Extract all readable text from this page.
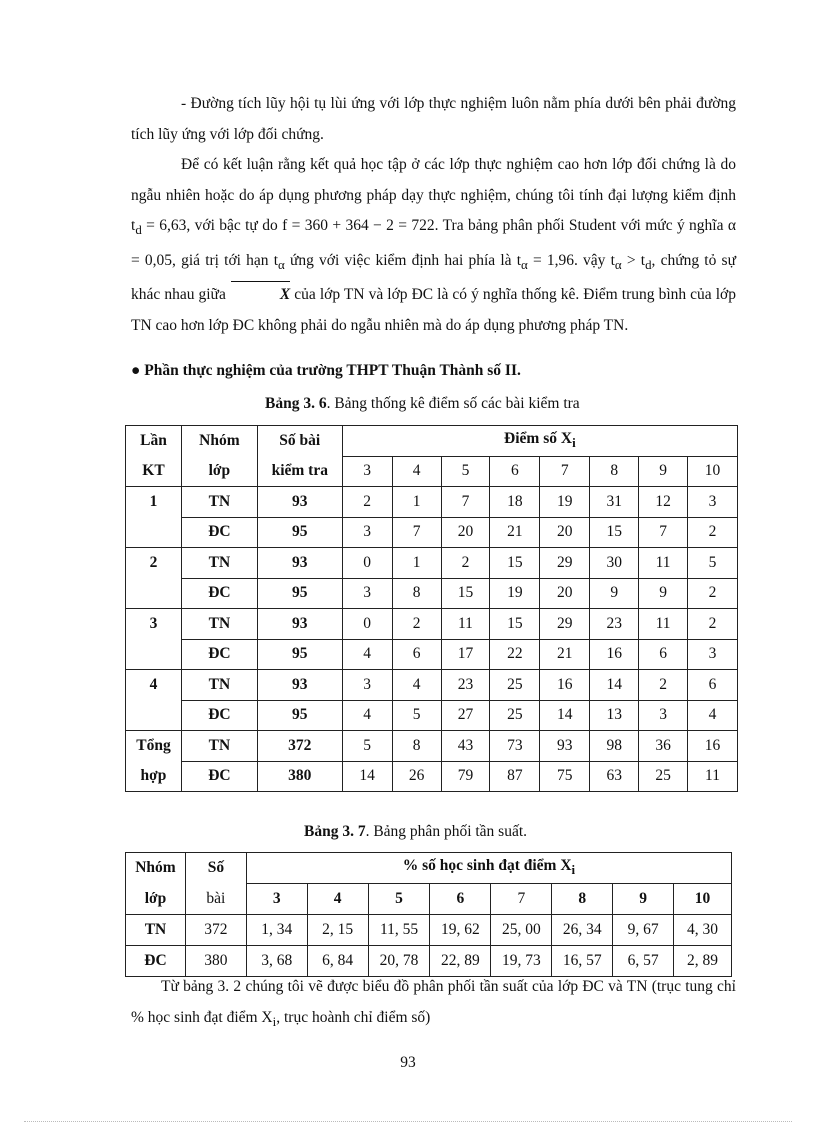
- Đường tích lũy hội tụ lùi ứng với lớp thực nghiệm luôn nằm phía dưới bên phải đường tích lũy ứng với lớp đối chứng.

Để có kết luận rằng kết quả học tập ở các lớp thực nghiệm cao hơn lớp đối chứng là do ngẫu nhiên hoặc do áp dụng phương pháp dạy thực nghiệm, chúng tôi tính đại lượng kiểm định $t_d = 6,63$, với bậc tự do f = 360 + 364 − 2 = 722. Tra bảng phân phối Student với mức ý nghĩa α = 0,05, giá trị tới hạn $t_\alpha$ ứng với việc kiểm định hai phía là $t_\alpha = 1,96$. vậy $t_\alpha > t_d$, chứng tỏ sự khác nhau giữa	X của lớp TN và lớp ĐC là có ý nghĩa thống kê. Điểm trung bình của lớp TN cao hơn lớp ĐC không phải do ngẫu nhiên mà do áp dụng phương pháp TN.

● Phần thực nghiệm của trường THPT Thuận Thành số II.
Bảng 3. 6. Bảng thống kê điểm số các bài kiểm tra
Lần	Nhóm	Số bài	Điểm số $X_i$
KT	lớp	kiểm tra	3	4	5	6	7	8	9	10
1	TN	93	2	1	7	18	19	31	12	3
	ĐC	95	3	7	20	21	20	15	7	2
2	TN	93	0	1	2	15	29	30	11	5
	ĐC	95	3	8	15	19	20	9	9	2
3	TN	93	0	2	11	15	29	23	11	2
	ĐC	95	4	6	17	22	21	16	6	3
4	TN	93	3	4	23	25	16	14	2	6
	ĐC	95	4	5	27	25	14	13	3	4
Tổng	TN	372	5	8	43	73	93	98	36	16
hợp	ĐC	380	14	26	79	87	75	63	25	11
Bảng 3. 7. Bảng phân phối tần suất.
Nhóm	Số	% số học sinh đạt điểm $X_i$
lớp	bài	3	4	5	6	7	8	9	10
TN	372	1, 34	2, 15	11, 55	19, 62	25, 00	26, 34	9, 67	4, 30
ĐC	380	3, 68	6, 84	20, 78	22, 89	19, 73	16, 57	6, 57	2, 89

Từ bảng 3. 2 chúng tôi vẽ được biểu đồ phân phối tần suất của lớp ĐC và TN (trục tung chỉ % học sinh đạt điểm $X_i$, trục hoành chỉ điểm số)

93
